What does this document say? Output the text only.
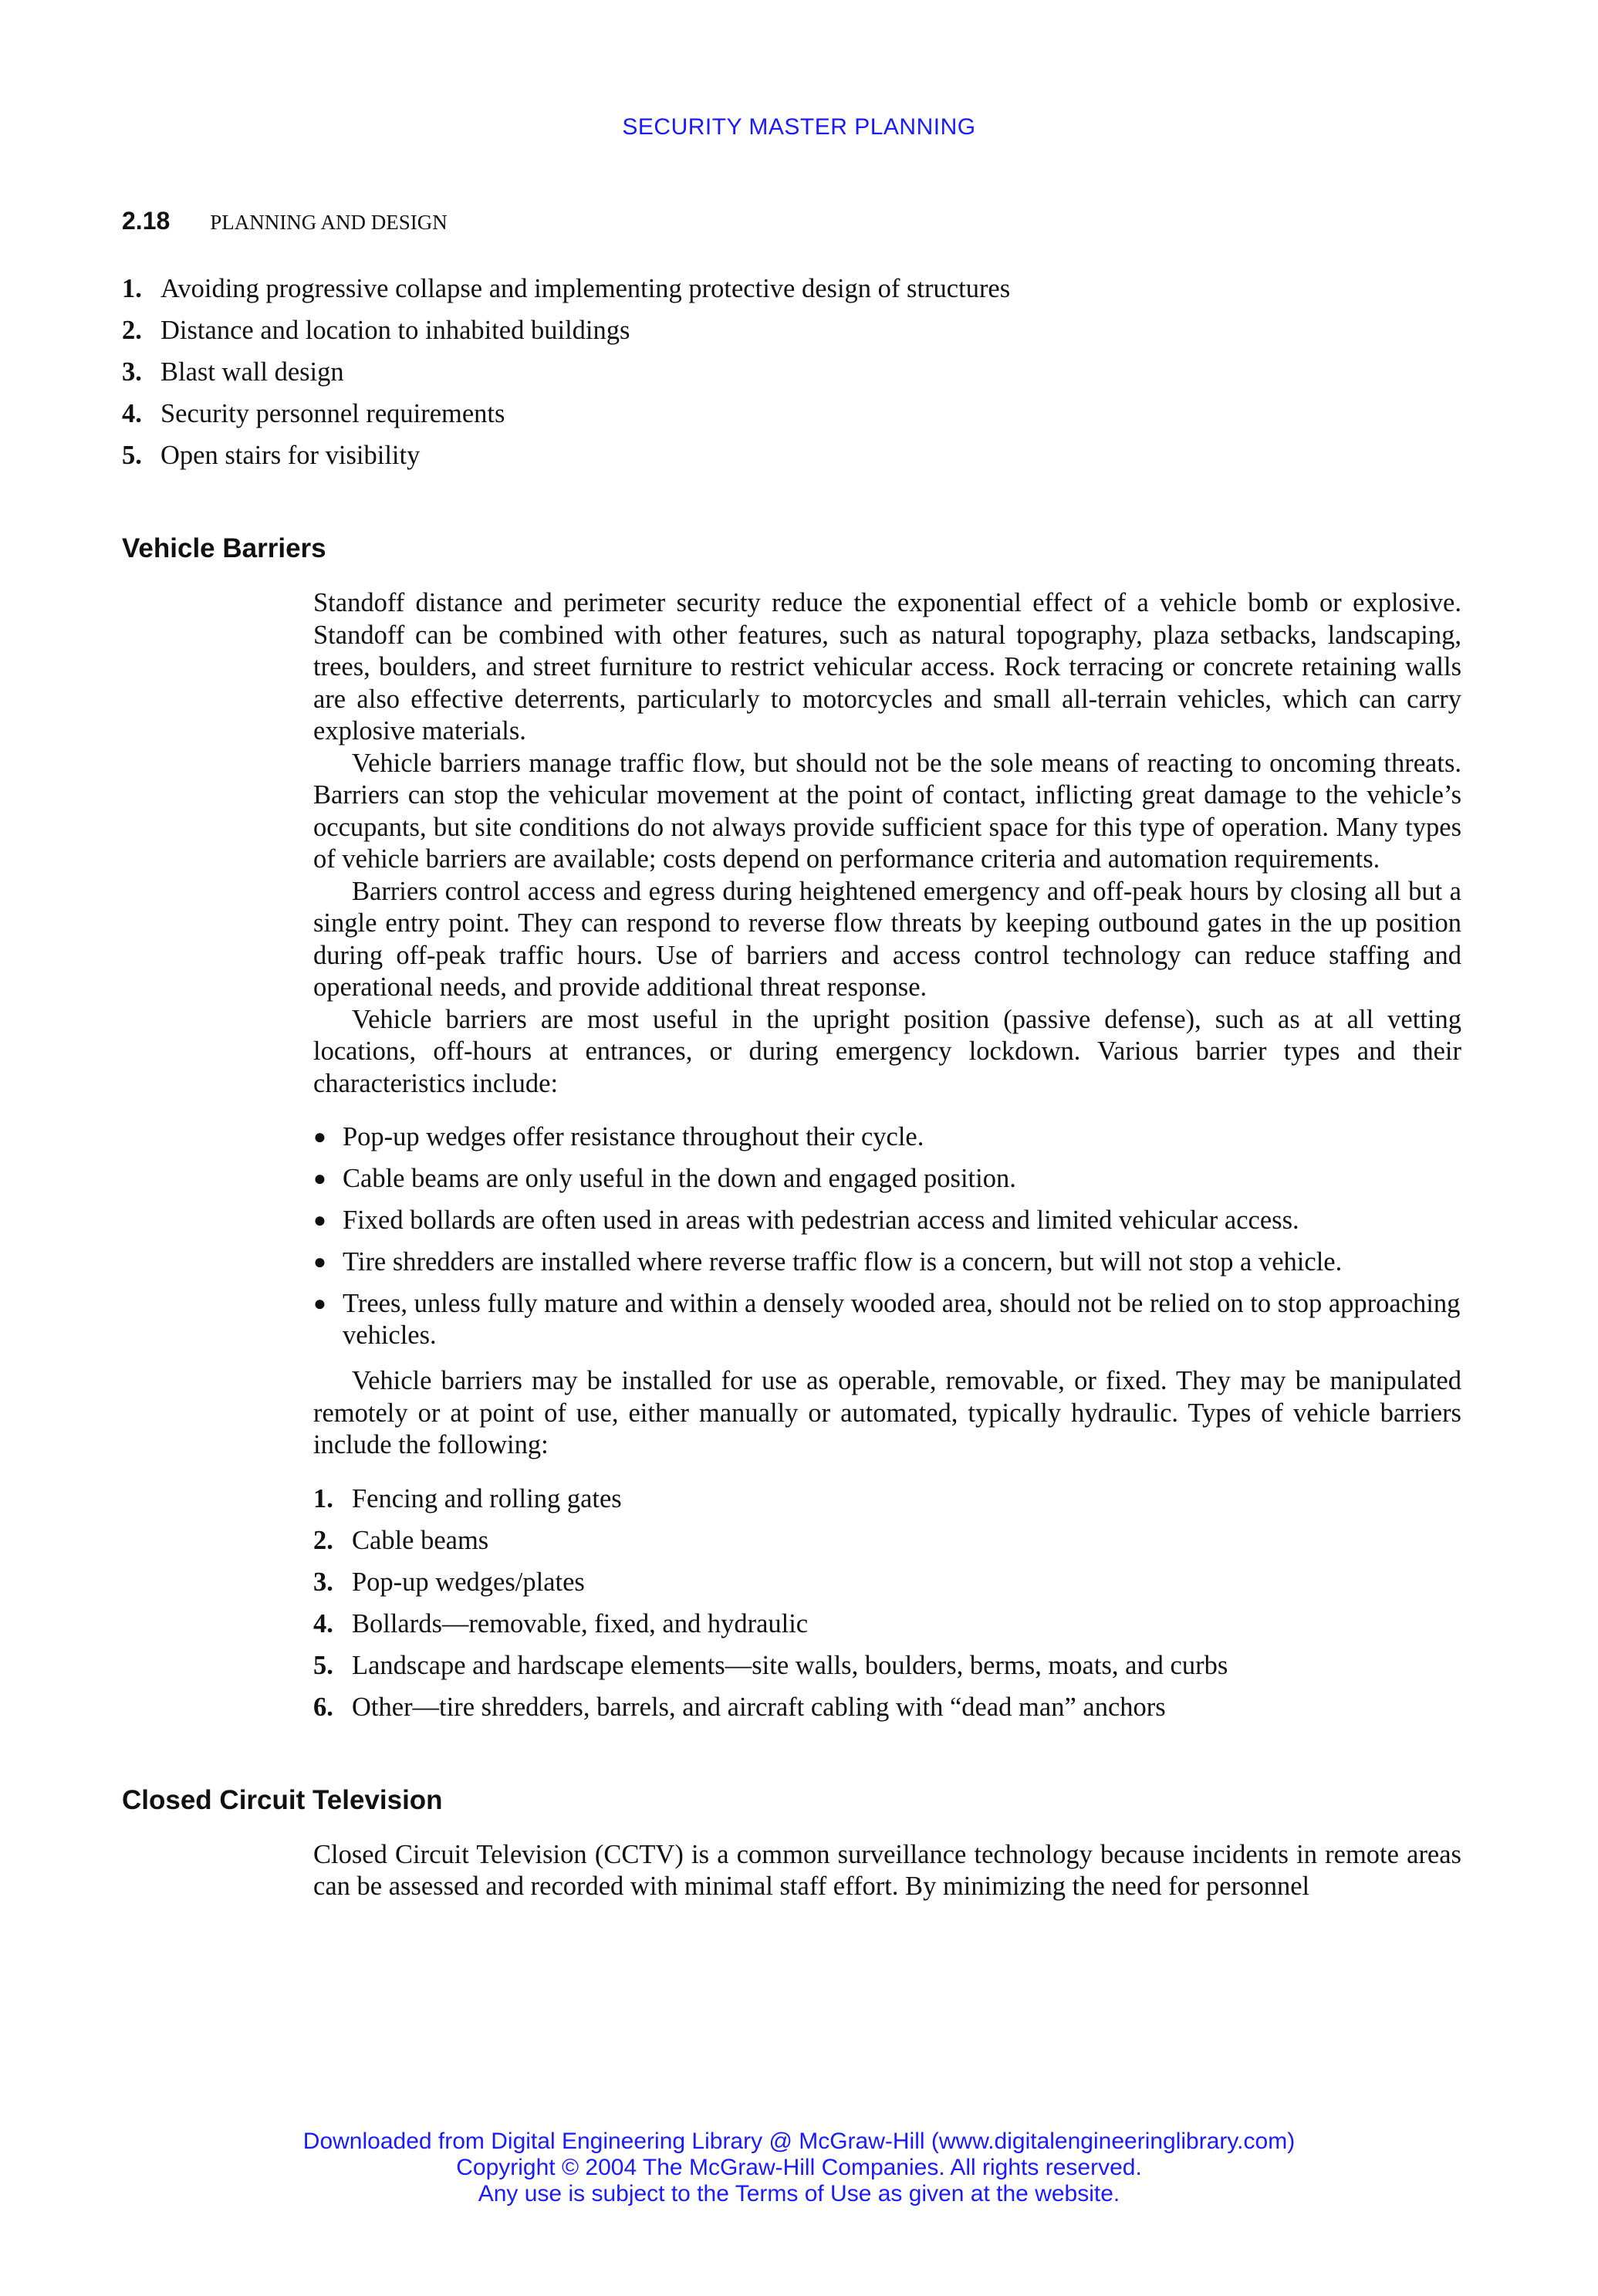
SECURITY MASTER PLANNING
2.18 PLANNING AND DESIGN
1. Avoiding progressive collapse and implementing protective design of structures
2. Distance and location to inhabited buildings
3. Blast wall design
4. Security personnel requirements
5. Open stairs for visibility
Vehicle Barriers

Standoff distance and perimeter security reduce the exponential effect of a vehicle bomb or explosive. Standoff can be combined with other features, such as natural topography, plaza setbacks, landscaping, trees, boulders, and street furniture to restrict vehicular access. Rock terracing or concrete retaining walls are also effective deterrents, particularly to motorcycles and small all-terrain vehicles, which can carry explosive materials.

Vehicle barriers manage traffic flow, but should not be the sole means of reacting to oncoming threats. Barriers can stop the vehicular movement at the point of contact, inflicting great damage to the vehicle’s occupants, but site conditions do not always provide sufficient space for this type of operation. Many types of vehicle barriers are available; costs depend on performance criteria and automation requirements.

Barriers control access and egress during heightened emergency and off-peak hours by closing all but a single entry point. They can respond to reverse flow threats by keeping outbound gates in the up position during off-peak traffic hours. Use of barriers and access control technology can reduce staffing and operational needs, and provide additional threat response.

Vehicle barriers are most useful in the upright position (passive defense), such as at all vetting locations, off-hours at entrances, or during emergency lockdown. Various barrier types and their characteristics include:

● Pop-up wedges offer resistance throughout their cycle.
● Cable beams are only useful in the down and engaged position.
● Fixed bollards are often used in areas with pedestrian access and limited vehicular access.
● Tire shredders are installed where reverse traffic flow is a concern, but will not stop a vehicle.
● Trees, unless fully mature and within a densely wooded area, should not be relied on to stop approaching vehicles.

Vehicle barriers may be installed for use as operable, removable, or fixed. They may be manipulated remotely or at point of use, either manually or automated, typically hydraulic. Types of vehicle barriers include the following:

1. Fencing and rolling gates
2. Cable beams
3. Pop-up wedges/plates
4. Bollards—removable, fixed, and hydraulic
5. Landscape and hardscape elements—site walls, boulders, berms, moats, and curbs
6. Other—tire shredders, barrels, and aircraft cabling with “dead man” anchors
Closed Circuit Television

Closed Circuit Television (CCTV) is a common surveillance technology because incidents in remote areas can be assessed and recorded with minimal staff effort. By minimizing the need for personnel

Downloaded from Digital Engineering Library @ McGraw-Hill (www.digitalengineeringlibrary.com)
Copyright © 2004 The McGraw-Hill Companies. All rights reserved.
Any use is subject to the Terms of Use as given at the website.
